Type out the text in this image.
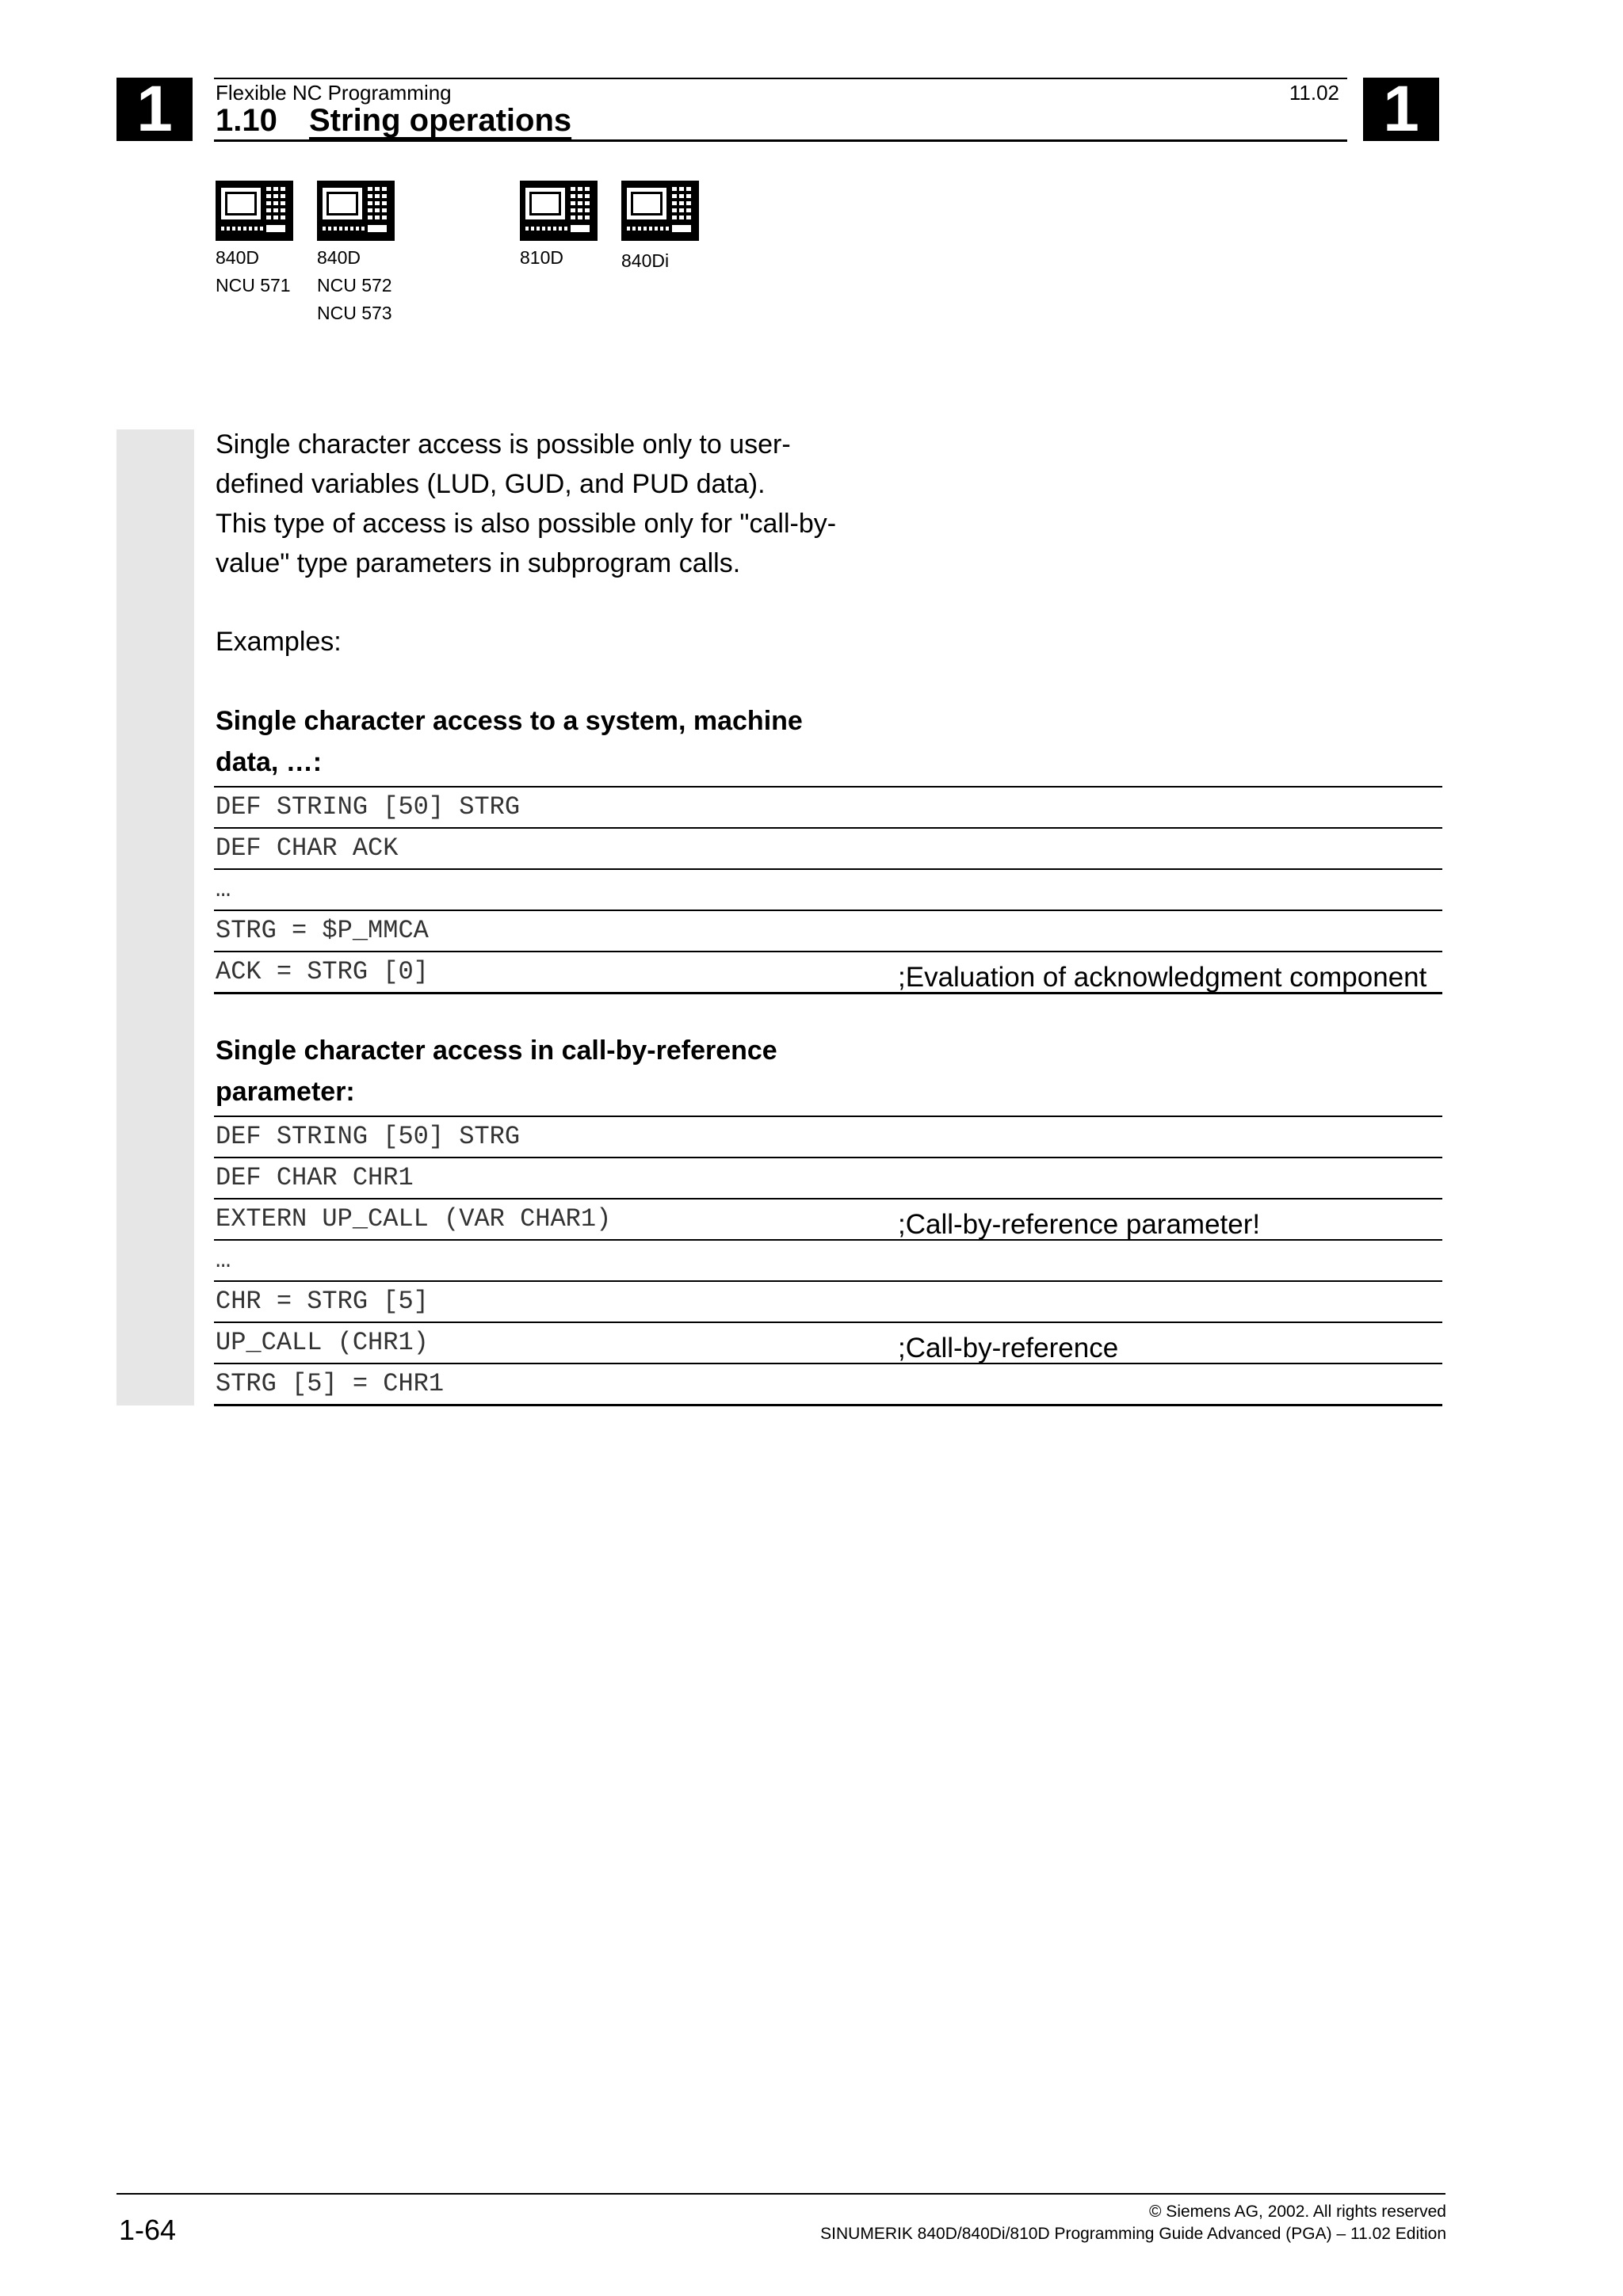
1	1
Flexible NC Programming	11.02
1.10 String operations
840D
NCU 571
840D
NCU 572
NCU 573
810D	840Di
Single character access is possible only to user-
defined variables (LUD, GUD, and PUD data).
This type of access is also possible only for "call-by-
value" type parameters in subprogram calls.
Examples:
Single character access to a system, machine
data, …:
DEF STRING [50] STRG
DEF CHAR ACK
…
STRG = $P_MMCA
ACK = STRG [0]	;Evaluation of acknowledgment component
Single character access in call-by-reference
parameter:
DEF STRING [50] STRG
DEF CHAR CHR1
EXTERN UP_CALL (VAR CHAR1)	;Call-by-reference parameter!
…
CHR = STRG [5]
UP_CALL (CHR1)	;Call-by-reference
STRG [5] = CHR1
1-64
© Siemens AG, 2002. All rights reserved
SINUMERIK 840D/840Di/810D Programming Guide Advanced (PGA) – 11.02 Edition
